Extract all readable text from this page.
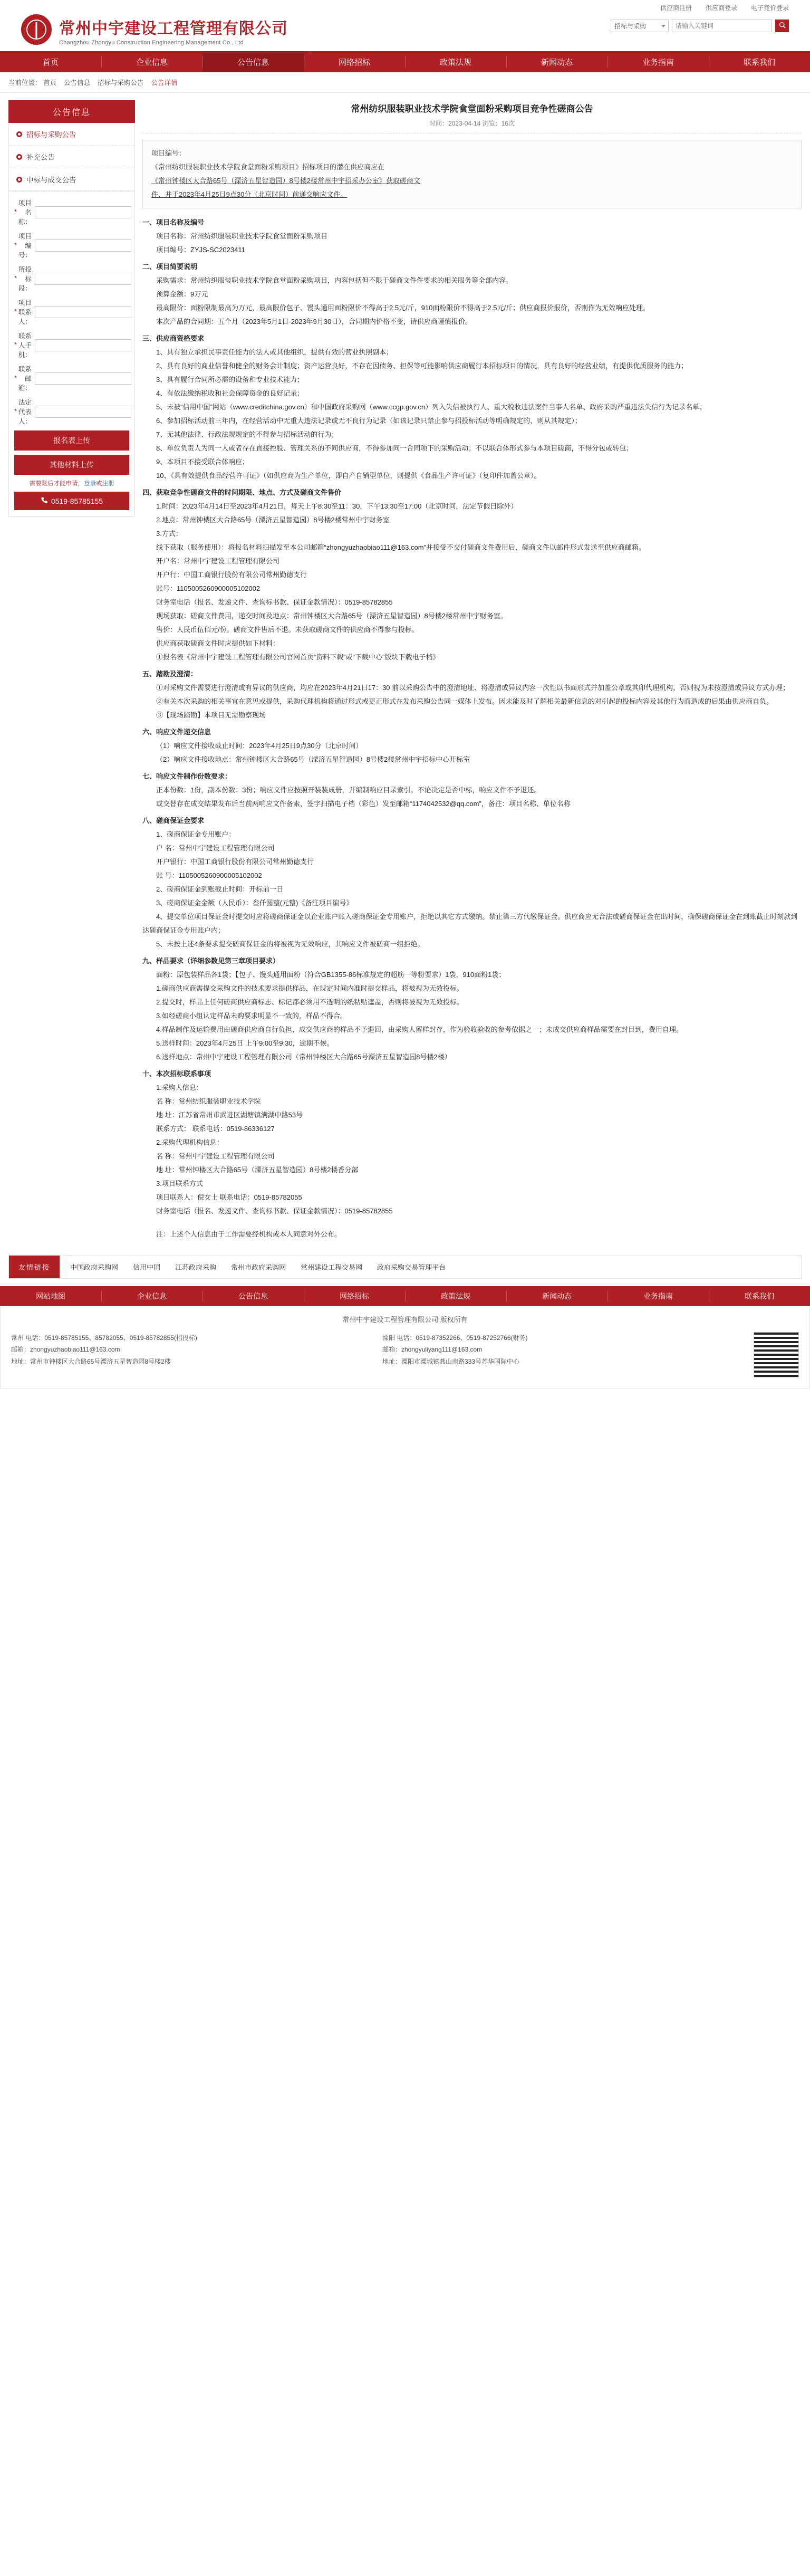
供应商注册 供应商登录 电子竞价登录
常州中宇建设工程管理有限公司
Changzhou Zhongyu Construction Engineering Management Co., Ltd
招标与采购
请输入关键词
首页	企业信息	公告信息	网络招标	政策法规	新闻动态	业务指南	联系我们
当前位置： 首页 公告信息 招标与采购公告 公告详情
公告信息
招标与采购公告
补充公告
中标与成交公告
*
项目名称：
*
项目编号：
*
所投标段：
*
项目联系人：
*
联系人手机：
*
联系邮箱：
*
法定代表人：
报名表上传
其他材料上传
需要账后才能申请，登录或注册
0519-85785155
常州纺织服装职业技术学院食堂面粉采购项目竞争性磋商公告
时间：2023-04-14 浏览：16次
项目编号：
《常州纺织服装职业技术学院食堂面粉采购项目》招标项目的潜在供应商应在
《常州钟楼区大合路65号（溧济五星智造园）8号楼2楼常州中宇招采办公室》获取磋商文
件，并于2023年4月25日9点30分（北京时间）前递交响应文件。

一、项目名称及编号

项目名称：常州纺织服装职业技术学院食堂面粉采购项目

项目编号：ZYJS-SC2023411

二、项目简要说明

采购需求：常州纺织服装职业技术学院食堂面粉采购项目，内容包括但不限于磋商文件件要求的相关服务等全部内容。

预算金额：9万元

最高限价：面粉限制最高为万元，最高限价包子、馒头通用面粉限价不得高于2.5元/斤，910面粉限价不得高于2.5元/斤；供应商报价报价，否则作为无效响应处理。

本次产品的合同期：五个月（2023年5月1日-2023年9月30日），合同期内价格不变，请供应商谨慎报价。

三、供应商资格要求

1、具有独立承担民事责任能力的法人或其他组织，提供有效的营业执照副本；

2、具有良好的商业信誉和健全的财务会计制度；资产运营良好，不存在因债务、担保等可能影响供应商履行本招标项目的情况，具有良好的经营业绩，有提供优质服务的能力；

3、具有履行合同所必需的设备和专业技术能力；

4、有依法缴纳税收和社会保障资金的良好记录；

5、未被“信用中国”网站（www.creditchina.gov.cn）和中国政府采购网（www.ccgp.gov.cn）列入失信被执行人、重大税收违法案件当事人名单、政府采购严重违法失信行为记录名单；

6、参加招标活动前三年内，在经营活动中无重大违法记录或无不良行为记录（如该记录只禁止参与招投标活动等明确规定的，则从其规定）；

7、无其他法律、行政法规规定的不得参与招标活动的行为；

8、单位负责人为同一人或者存在直接控股、管理关系的不同供应商，不得参加同一合同项下的采购活动；不以联合体形式参与本项目磋商，不得分包或转包；

9、本项目不接受联合体响应；

10、《具有效提供食品经营许可证》（如供应商为生产单位，即自产自销型单位，则提供《食品生产许可证》（复印件加盖公章）。

四、获取竞争性磋商文件的时间期限、地点、方式及磋商文件售价

1.时间：2023年4月14日至2023年4月21日，每天上午8:30至11：30，下午13:30至17:00（北京时间，法定节假日除外）

2.地点：常州钟楼区大合路65号（溧济五星智造园）8号楼2楼常州中宇财务室

3.方式：

线下获取（服务使用）：将报名材料扫描发至本公司邮箱“zhongyuzhaobiao111@163.com”并接受不交付磋商文件费用后，磋商文件以邮件形式发送至供应商邮箱。

开户名：常州中宇建设工程管理有限公司

开户行：中国工商银行股份有限公司常州勤德支行

账号：1105005260900005102002

财务室电话（报名、发递文件、查询标书款、保证金款情况）：0519-85782855

现场获取：磋商文件费用，递交时间及地点：常州钟楼区大合路65号（溧济五星智造园）8号楼2楼常州中宇财务室。

售价：人民币伍佰元/份。磋商文件售后不退。未获取磋商文件的供应商不得参与投标。

供应商获取磋商文件时应提供如下材料：

①报名表《常州中宇建设工程管理有限公司官网首页“资料下载”或“下载中心”版块下载电子档》

五、踏勘及澄清：

①对采购文件需要进行澄清或有异议的供应商，均应在2023年4月21日17：30 前以采购公告中的澄清地址、将澄清或异议内容一次性以书面形式并加盖公章或其印代理机构，否则视为未按澄清或异议方式办理；

②有关本次采购的相关事宜在意见或提供，采购代理机构将通过形式或更正形式在发布采购公告同一媒体上发布。因未能及时了解相关最新信息的对引起的投标内容及其他行为而造成的后果由供应商自负。

③【现场踏勘】本项目无需勘察现场

六、响应文件递交信息

（1）响应文件接收截止时间：2023年4月25日9点30分（北京时间）

（2）响应文件接收地点：常州钟楼区大合路65号（溧济五星智造园）8号楼2楼常州中宇招标中心开标室

七、响应文件制作份数要求：

正本份数：1份，副本份数：3份；响应文件应按照开装装成册，并编制响应目录索引。不论决定是否中标，响应文件不予退还。

或交替存在成交结果发布后当前两响应文件备索，签字扫描电子档（彩色）发至邮箱“1174042532@qq.com”，备注：项目名称、单位名称

八、磋商保证金要求

1、磋商保证金专用账户：

户 名：常州中宇建设工程管理有限公司

开户银行：中国工商银行股份有限公司常州勤德支行

账 号：1105005260900005102002

2、磋商保证金到账截止时间：开标前一日

3、磋商保证金金额（人民币）：叁仟圆整(元整)《备注项目编号》

4、提交单位项目保证金时提交时应将磋商保证金以企业账户账入磋商保证金专用账户，拒绝以其它方式缴纳。禁止第三方代缴保证金。供应商应无合法或磋商保证金在出时间，确保磋商保证金在到账截止时刻款到达磋商保证金专用账户内；

5、未按上述4条要求提交磋商保证金的将被视为无效响应，其响应文件被磋商一组拒绝。

九、样品要求（详细参数见第三章项目要求）

面粉：原包装样品各1袋；【包子、馒头通用面粉（符合GB1355-86标准规定的超筋一等粉要求）1袋，910面粉1袋；

1.磋商供应商需提交采购文件的技术要求提供样品，在规定时间内准时提交样品，将被视为无效投标。

2.提交时，样品上任何磋商供应商标志、标记都必须用不透明的纸粘贴遮盖，否则将被视为无效投标。

3.如经磋商小组认定样品未购要求明显不一致的，样品不得合。

4.样品制作及运输费用由磋商供应商自行负担，成交供应商的样品不予退回，由采购人留样封存，作为验收验收的参考依据之一；未成交供应商样品需要在封目到，费用自理。

5.送样时间：2023年4月25日 上午9:00至9:30，逾期不候。

6.送样地点：常州中宇建设工程管理有限公司（常州钟楼区大合路65号溧济五星智造园8号楼2楼）

十、本次招标联系事项

1.采购人信息：

名 称：常州纺织服装职业技术学院

地 址：江苏省常州市武进区湖塘镇满湖中路53号

联系方式： 联系电话：0519-86336127

2.采购代理机构信息：

名 称：常州中宇建设工程管理有限公司

地 址：常州钟楼区大合路65号（溧济五星智造园）8号楼2楼香分部

3.项目联系方式

项目联系人：倪女士 联系电话：0519-85782055

财务室电话（报名、发递文件、查询标书款、保证金款情况）：0519-85782855

注：上述个人信息由于工作需要经机构或本人同意对外公布。

友情链接	中国政府采购网 信用中国 江苏政府采购 常州市政府采购网 常州建设工程交易网 政府采购交易管理平台
网站地图	企业信息	公告信息	网络招标	政策法规	新闻动态	业务指南	联系我们
常州中宇建设工程管理有限公司 版权所有
常州 电话：0519-85785155、85782055、0519-85782855(招投标)
邮箱：zhongyuzhaobiao111@163.com
地址：常州市钟楼区大合路65号溧济五星智造园8号楼2楼
溧阳 电话：0519-87352266、0519-87252766(财务)
邮箱：zhongyuliyang111@163.com
地址：溧阳市溧城镇燕山南路333号苏华国际中心
